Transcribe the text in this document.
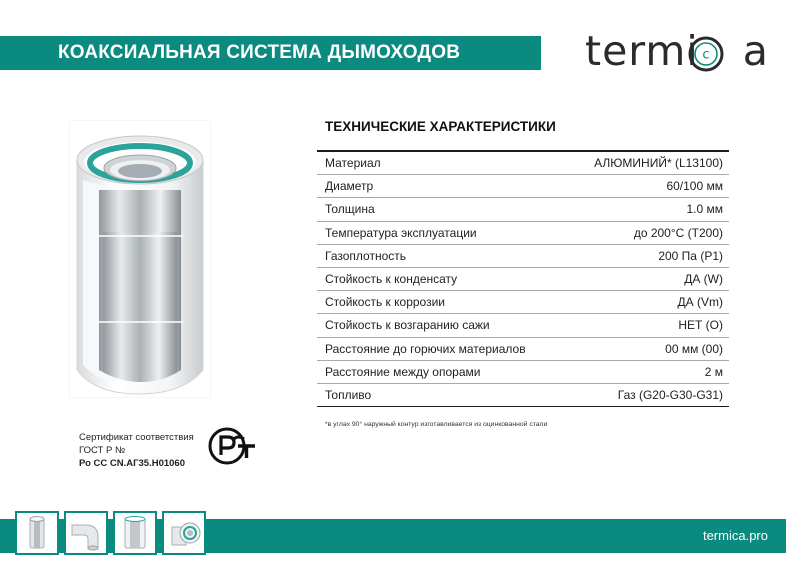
КОАКСИАЛЬНАЯ СИСТЕМА ДЫМОХОДОВ	termi a
c
ТЕХНИЧЕСКИЕ ХАРАКТЕРИСТИКИ
Материал	АЛЮМИНИЙ* (L13100)
Диаметр	60/100 мм
Толщина	1.0 мм
Температура эксплуатации	до 200°С (Т200)
Газоплотность	200 Па (Р1)
Стойкость к конденсату	ДА (W)
Стойкость к коррозии	ДА (Vm)
Стойкость к возгаранию сажи	НЕТ (О)
Расстояние до горючих материалов	00 мм (00)
Расстояние между опорами	2 м
Топливо	Газ (G20-G30-G31)
*в углах 90° наружный контур изготавливается из оцинкованной стали
Сертификат соответствия
ГОСТ Р №
Ро СС CN.АГ35.Н01060
termica.pro
